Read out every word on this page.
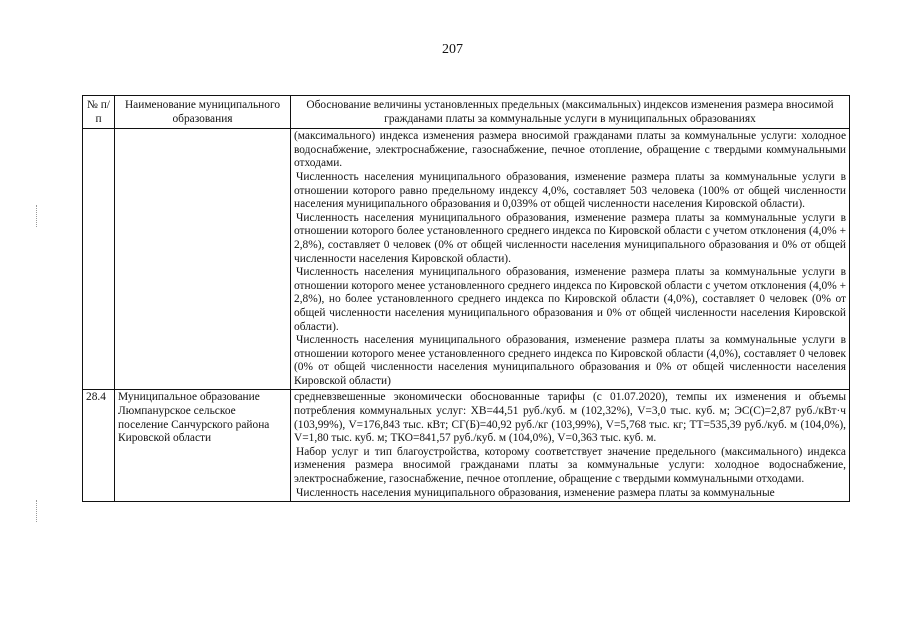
207
№ п/п	Наименование муниципального образования	Обоснование величины установленных предельных (максимальных) индексов изменения размера вносимой гражданами платы за коммунальные услуги в муниципальных образованиях

		(максимального) индекса изменения размера вносимой гражданами платы за коммунальные услуги: холодное водоснабжение, электроснабжение, газоснабжение, печное отопление, обращение с твердыми коммунальными отходами.

Численность населения муниципального образования, изменение размера платы за коммунальные услуги в отношении которого равно предельному индексу 4,0%, составляет 503 человека (100% от общей численности населения муниципального образования и 0,039% от общей численности населения Кировской области).

Численность населения муниципального образования, изменение размера платы за коммунальные услуги в отношении которого более установленного среднего индекса по Кировской области с учетом отклонения (4,0% + 2,8%), составляет 0 человек (0% от общей численности населения муниципального образования и 0% от общей численности населения Кировской области).

Численность населения муниципального образования, изменение размера платы за коммунальные услуги в отношении которого менее установленного среднего индекса по Кировской области с учетом отклонения (4,0% + 2,8%), но более установленного среднего индекса по Кировской области (4,0%), составляет 0 человек (0% от общей численности населения муниципального образования и 0% от общей численности населения Кировской области).

Численность населения муниципального образования, изменение размера платы за коммунальные услуги в отношении которого менее установленного среднего индекса по Кировской области (4,0%), составляет 0 человек (0% от общей численности населения муниципального образования и 0% от общей численности населения Кировской области)

28.4	Муниципальное образование Люмпанурское сельское поселение Санчурского района Кировской области	средневзвешенные экономически обоснованные тарифы (с 01.07.2020), темпы их изменения и объемы потребления коммунальных услуг: ХВ=44,51 руб./куб. м (102,32%), V=3,0 тыс. куб. м; ЭС(С)=2,87 руб./кВт·ч (103,99%), V=176,843 тыс. кВт; СГ(Б)=40,92 руб./кг (103,99%), V=5,768 тыс. кг; ТТ=535,39 руб./куб. м (104,0%), V=1,80 тыс. куб. м; ТКО=841,57 руб./куб. м (104,0%), V=0,363 тыс. куб. м.

Набор услуг и тип благоустройства, которому соответствует значение предельного (максимального) индекса изменения размера вносимой гражданами платы за коммунальные услуги: холодное водоснабжение, электроснабжение, газоснабжение, печное отопление, обращение с твердыми коммунальными отходами.

Численность населения муниципального образования, изменение размера платы за коммунальные
